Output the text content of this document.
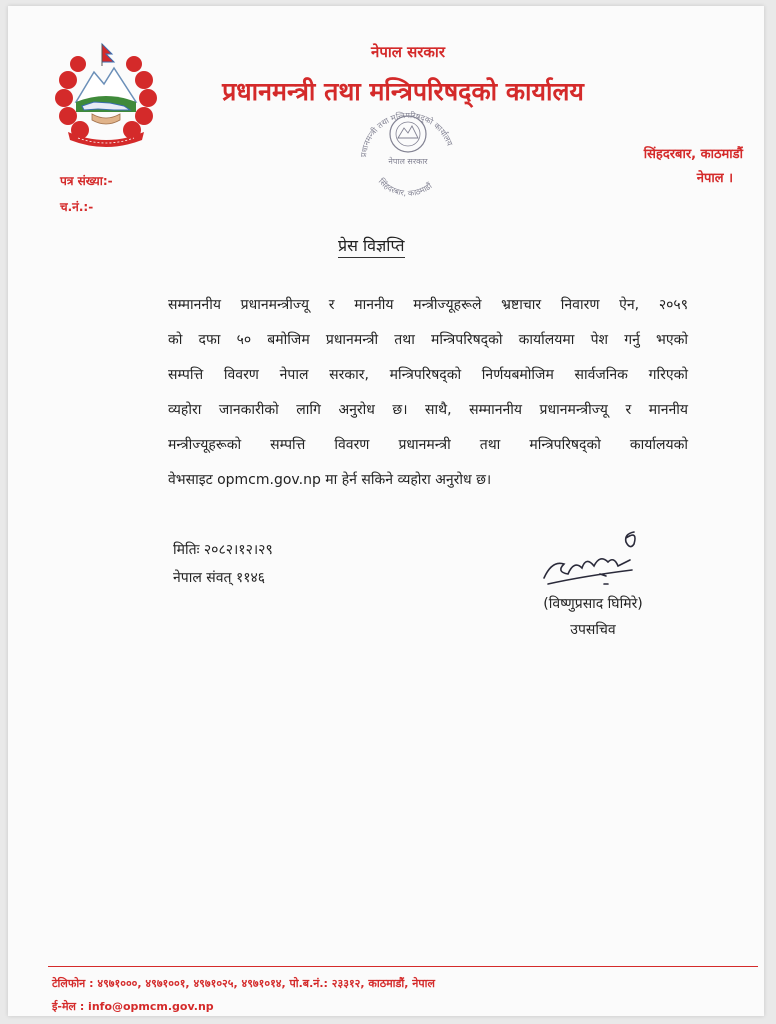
नेपाल सरकार
प्रधानमन्त्री तथा मन्त्रिपरिषद्को कार्यालय
प्रधानमन्त्री तथा मन्त्रिपरिषद्को कार्यालय
नेपाल सरकार
सिंहदरबार, काठमाडौं
सिंहदरबार, काठमाडौं
नेपाल ।
पत्र संख्या:-
च.नं.:-
प्रेस विज्ञप्ति
सम्माननीय प्रधानमन्त्रीज्यू र माननीय मन्त्रीज्यूहरूले भ्रष्टाचार निवारण ऐन, २०५९
को दफा ५० बमोजिम प्रधानमन्त्री तथा मन्त्रिपरिषद्को कार्यालयमा पेश गर्नु भएको
सम्पत्ति विवरण नेपाल सरकार, मन्त्रिपरिषद्को निर्णयबमोजिम सार्वजनिक गरिएको
व्यहोरा जानकारीको लागि अनुरोध छ। साथै, सम्माननीय प्रधानमन्त्रीज्यू र माननीय
मन्त्रीज्यूहरूको सम्पत्ति विवरण प्रधानमन्त्री तथा मन्त्रिपरिषद्को कार्यालयको
वेभसाइट opmcm.gov.np मा हेर्न सकिने व्यहोरा अनुरोध छ।
मितिः २०८२।१२।२९
नेपाल संवत् ११४६
(विष्णुप्रसाद घिमिरे)
उपसचिव
टेलिफोन : ४९७१०००, ४९७१००१, ४९७१०२५, ४९७१०१४, पो.ब.नं.: २३३१२, काठमाडौं, नेपाल
ई-मेल : info@opmcm.gov.np
